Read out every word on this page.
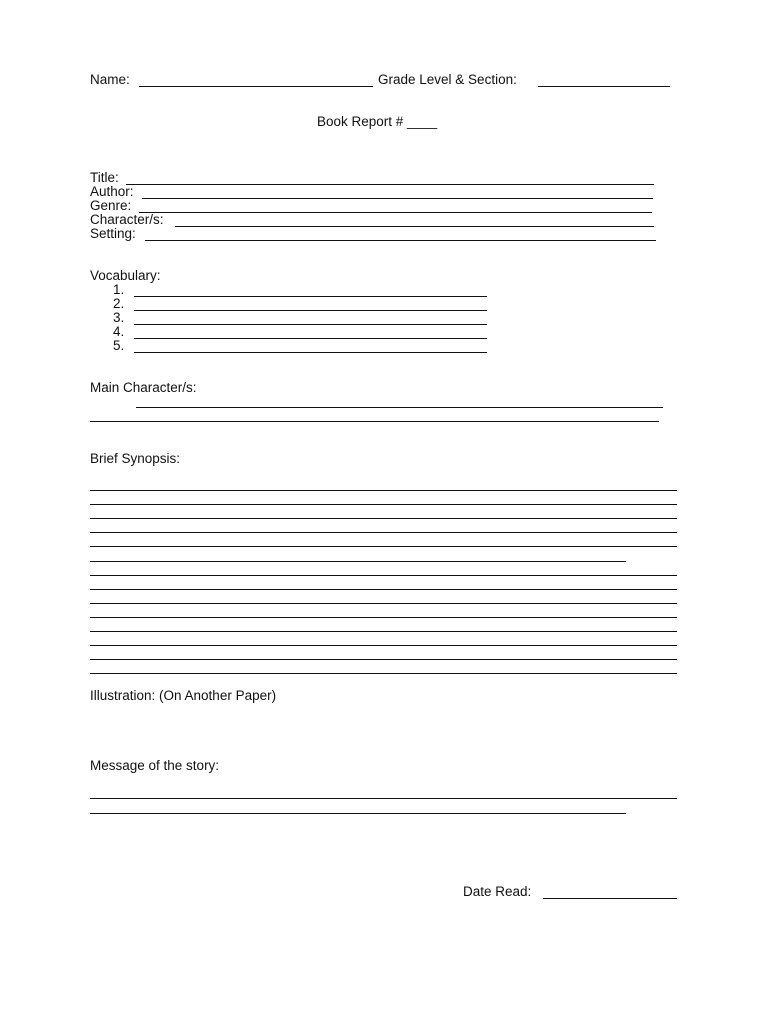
Name:	Grade Level & Section:
Book Report # ____
Title:
Author:
Genre:
Character/s:
Setting:
Vocabulary:
1.
2.
3.
4.
5.
Main Character/s:
Brief Synopsis:
Illustration: (On Another Paper)
Message of the story:
Date Read:
